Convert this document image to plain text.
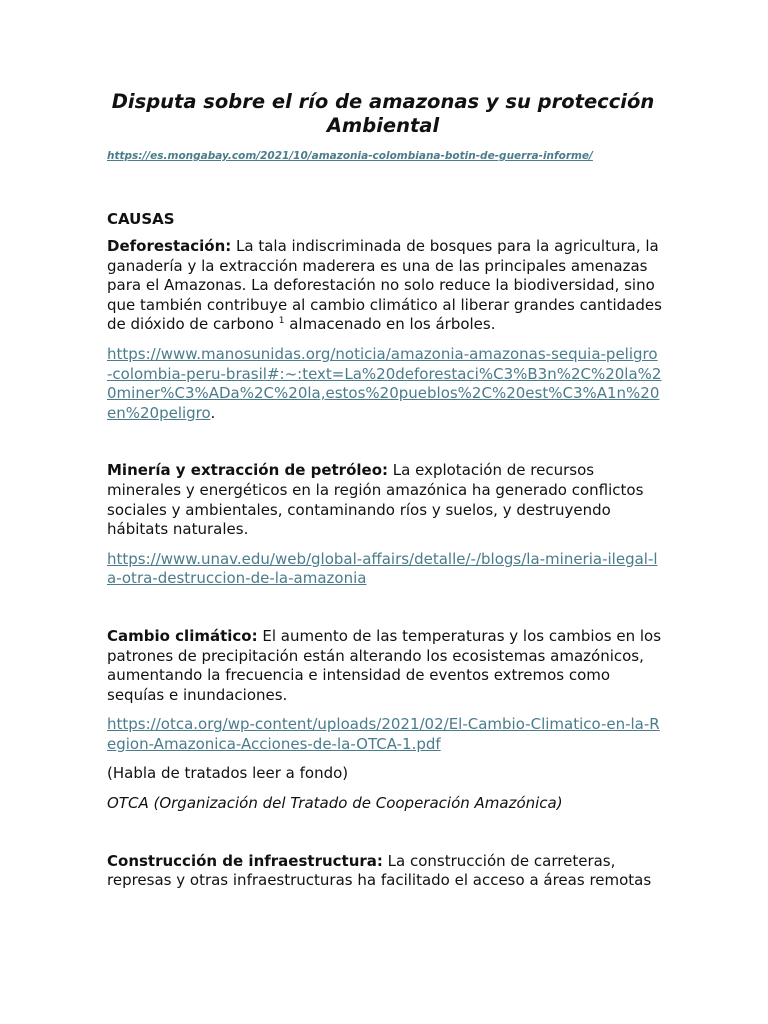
Disputa sobre el río de amazonas y su protección Ambiental
https://es.mongabay.com/2021/10/amazonia-colombiana-botin-de-guerra-informe/
CAUSAS

Deforestación: La tala indiscriminada de bosques para la agricultura, la ganadería y la extracción maderera es una de las principales amenazas para el Amazonas. La deforestación no solo reduce la biodiversidad, sino que también contribuye al cambio climático al liberar grandes cantidades de dióxido de carbono $^1$ almacenado en los árboles.

https://www.manosunidas.org/noticia/amazonia-amazonas-sequia-peligro-colombia-peru-brasil#:~:text=La%20deforestaci%C3%B3n%2C%20la%20miner%C3%ADa%2C%20la,estos%20pueblos%2C%20est%C3%A1n%20en%20peligro.

Minería y extracción de petróleo: La explotación de recursos minerales y energéticos en la región amazónica ha generado conflictos sociales y ambientales, contaminando ríos y suelos, y destruyendo hábitats naturales.

https://www.unav.edu/web/global-affairs/detalle/-/blogs/la-mineria-ilegal-la-otra-destruccion-de-la-amazonia

Cambio climático: El aumento de las temperaturas y los cambios en los patrones de precipitación están alterando los ecosistemas amazónicos, aumentando la frecuencia e intensidad de eventos extremos como sequías e inundaciones.

https://otca.org/wp-content/uploads/2021/02/El-Cambio-Climatico-en-la-Region-Amazonica-Acciones-de-la-OTCA-1.pdf

(Habla de tratados leer a fondo)

OTCA (Organización del Tratado de Cooperación Amazónica)

Construcción de infraestructura: La construcción de carreteras, represas y otras infraestructuras ha facilitado el acceso a áreas remotas
